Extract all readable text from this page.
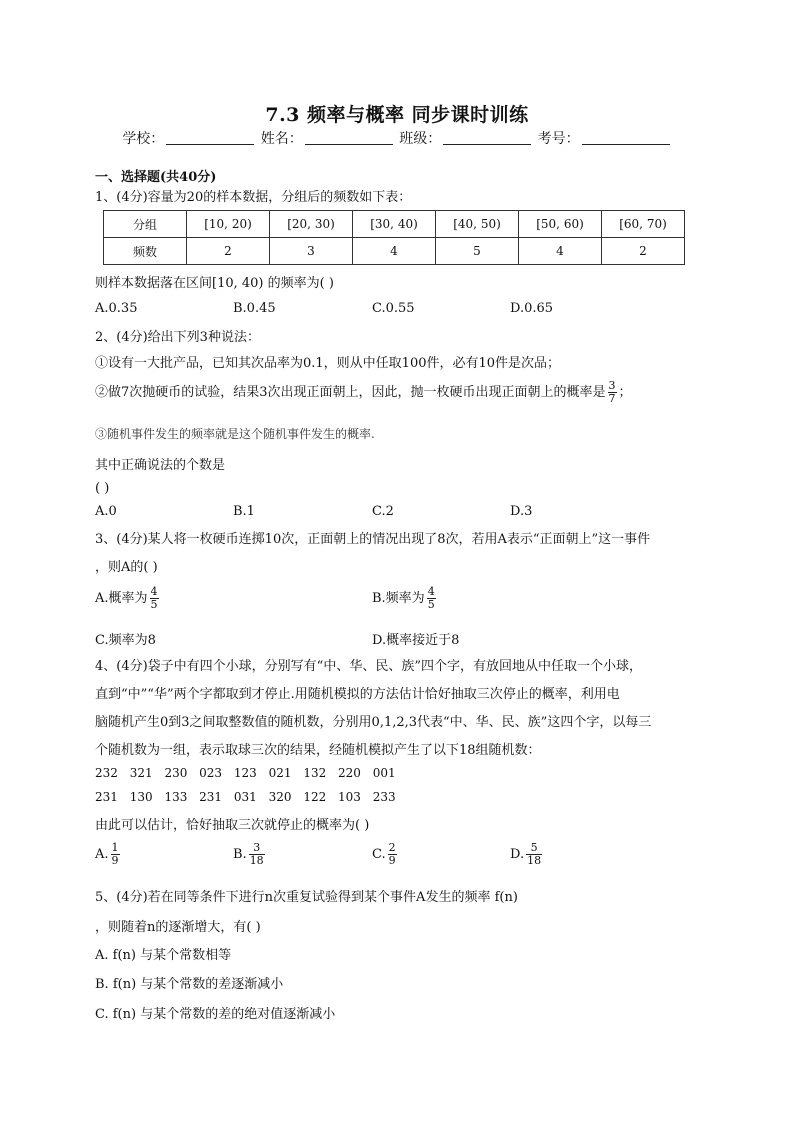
7.3 频率与概率 同步课时训练
学校：	姓名：	班级：	考号：
一、选择题(共40分)
1、(4分)容量为20的样本数据，分组后的频数如下表：
分组	[10, 20)	[20, 30)	[30, 40)	[40, 50)	[50, 60)	[60, 70)
频数	2	3	4	5	4	2
则样本数据落在区间[10, 40) 的频率为( )
A.0.35	B.0.45	C.0.55	D.0.65
2、(4分)给出下列3种说法：
①设有一大批产品，已知其次品率为0.1，则从中任取100件，必有10件是次品；
②做7次抛硬币的试验，结果3次出现正面朝上，因此，抛一枚硬币出现正面朝上的概率是 $\frac{3}{7}$ ；
③随机事件发生的频率就是这个随机事件发生的概率.
其中正确说法的个数是
( )
A.0	B.1	C.2	D.3
3、(4分)某人将一枚硬币连掷10次，正面朝上的情况出现了8次，若用A表示“正面朝上”这一事件
，则A的( )
A.概率为 $\frac{4}{5}$	B.频率为 $\frac{4}{5}$
C.频率为8	D.概率接近于8
4、(4分)袋子中有四个小球，分别写有“中、华、民、族”四个字，有放回地从中任取一个小球，
直到“中”“华”两个字都取到才停止.用随机模拟的方法估计恰好抽取三次停止的概率，利用电
脑随机产生0到3之间取整数值的随机数，分别用0,1,2,3代表“中、华、民、族”这四个字，以每三
个随机数为一组，表示取球三次的结果，经随机模拟产生了以下18组随机数：
232 321 230 023 123 021 132 220 001
231 130 133 231 031 320 122 103 233
由此可以估计，恰好抽取三次就停止的概率为( )
A. $\frac{1}{9}$	B. $\frac{3}{18}$	C. $\frac{2}{9}$	D. $\frac{5}{18}$
5、(4分)若在同等条件下进行n次重复试验得到某个事件A发生的频率 f(n)
，则随着n的逐渐增大，有( )
A. f(n) 与某个常数相等
B. f(n) 与某个常数的差逐渐减小
C. f(n) 与某个常数的差的绝对值逐渐减小
